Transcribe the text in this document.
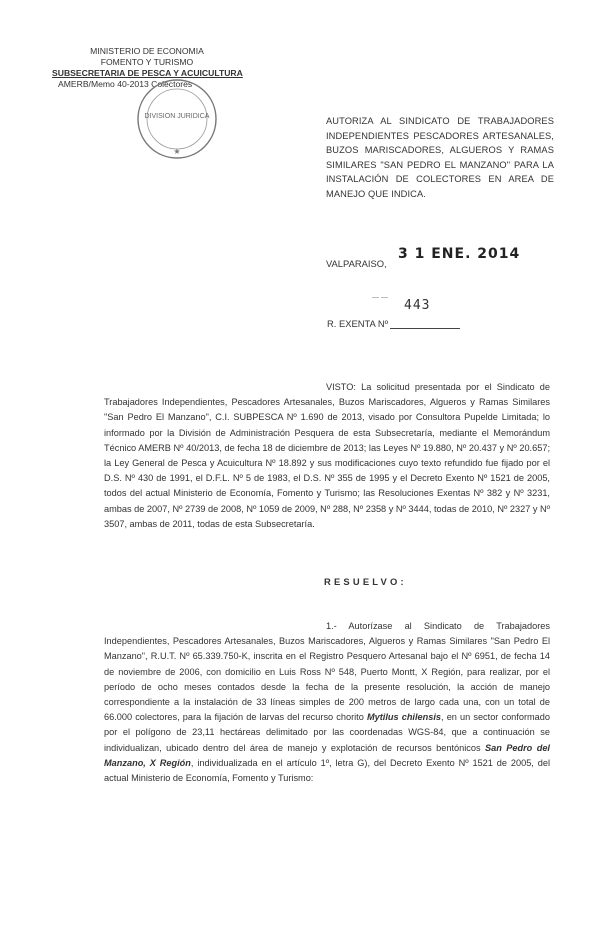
MINISTERIO DE ECONOMIA
FOMENTO Y TURISMO
SUBSECRETARIA DE PESCA Y ACUICULTURA
AMERB/Memo 40-2013 Colectores
DIVISION JURIDICA
★
AUTORIZA AL SINDICATO DE TRABAJADORES INDEPENDIENTES PESCADORES ARTESANALES, BUZOS MARISCADORES, ALGUEROS Y RAMAS SIMILARES "SAN PEDRO EL MANZANO" PARA LA INSTALACIÓN DE COLECTORES EN AREA DE MANEJO QUE INDICA.
VALPARAISO,
3 1 ENE. 2014
— —
443
R. EXENTA Nº
VISTO: La solicitud presentada por el Sindicato de Trabajadores Independientes, Pescadores Artesanales, Buzos Mariscadores, Algueros y Ramas Similares "San Pedro El Manzano", C.I. SUBPESCA Nº 1.690 de 2013, visado por Consultora Pupelde Limitada; lo informado por la División de Administración Pesquera de esta Subsecretaría, mediante el Memorándum Técnico AMERB Nº 40/2013, de fecha 18 de diciembre de 2013; las Leyes Nº 19.880, Nº 20.437 y Nº 20.657; la Ley General de Pesca y Acuicultura Nº 18.892 y sus modificaciones cuyo texto refundido fue fijado por el D.S. Nº 430 de 1991, el D.F.L. Nº 5 de 1983, el D.S. Nº 355 de 1995 y el Decreto Exento Nº 1521 de 2005, todos del actual Ministerio de Economía, Fomento y Turismo; las Resoluciones Exentas Nº 382 y Nº 3231, ambas de 2007, Nº 2739 de 2008, Nº 1059 de 2009, Nº 288, Nº 2358 y Nº 3444, todas de 2010, Nº 2327 y Nº 3507, ambas de 2011, todas de esta Subsecretaría.
RESUELVO:
1.- Autorízase al Sindicato de Trabajadores Independientes, Pescadores Artesanales, Buzos Mariscadores, Algueros y Ramas Similares "San Pedro El Manzano", R.U.T. Nº 65.339.750-K, inscrita en el Registro Pesquero Artesanal bajo el Nº 6951, de fecha 14 de noviembre de 2006, con domicilio en Luis Ross Nº 548, Puerto Montt, X Región, para realizar, por el período de ocho meses contados desde la fecha de la presente resolución, la acción de manejo correspondiente a la instalación de 33 líneas simples de 200 metros de largo cada una, con un total de 66.000 colectores, para la fijación de larvas del recurso chorito Mytilus chilensis, en un sector conformado por el polígono de 23,11 hectáreas delimitado por las coordenadas WGS-84, que a continuación se individualizan, ubicado dentro del área de manejo y explotación de recursos bentónicos San Pedro del Manzano, X Región, individualizada en el artículo 1º, letra G), del Decreto Exento Nº 1521 de 2005, del actual Ministerio de Economía, Fomento y Turismo:
